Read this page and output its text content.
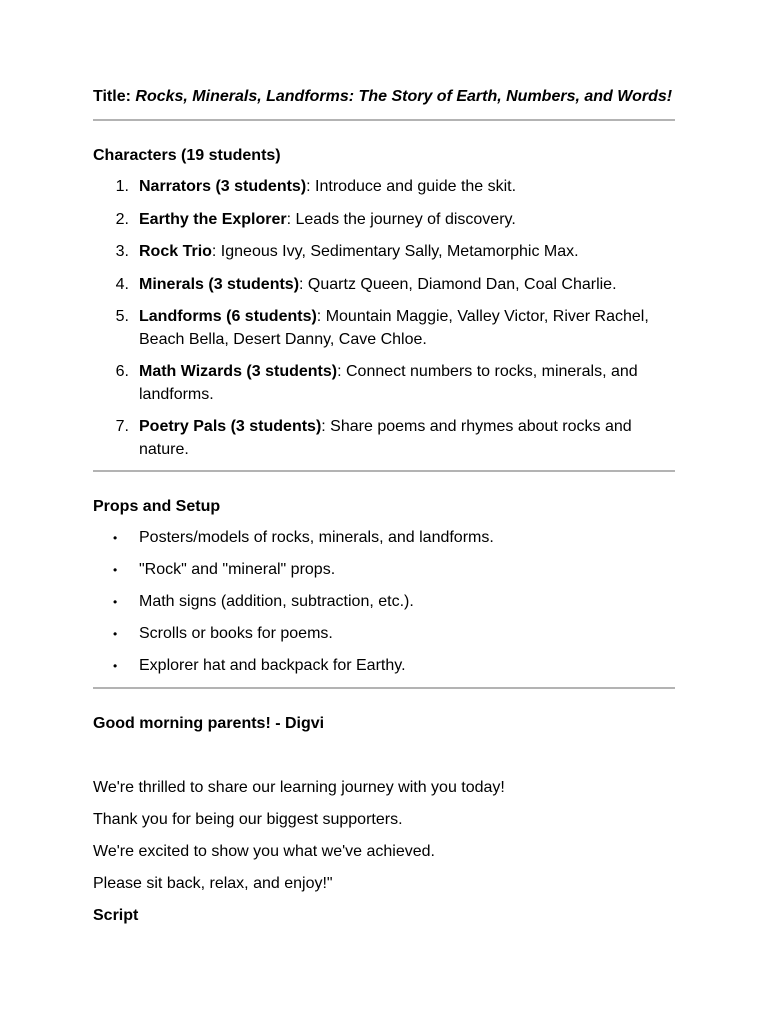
Title: Rocks, Minerals, Landforms: The Story of Earth, Numbers, and Words!

Characters (19 students)

1. Narrators (3 students): Introduce and guide the skit.
2. Earthy the Explorer: Leads the journey of discovery.
3. Rock Trio: Igneous Ivy, Sedimentary Sally, Metamorphic Max.
4. Minerals (3 students): Quartz Queen, Diamond Dan, Coal Charlie.
5. Landforms (6 students): Mountain Maggie, Valley Victor, River Rachel, Beach Bella, Desert Danny, Cave Chloe.
6. Math Wizards (3 students): Connect numbers to rocks, minerals, and landforms.
7. Poetry Pals (3 students): Share poems and rhymes about rocks and nature.

Props and Setup

• Posters/models of rocks, minerals, and landforms.
• "Rock" and "mineral" props.
• Math signs (addition, subtraction, etc.).
• Scrolls or books for poems.
• Explorer hat and backpack for Earthy.

Good morning parents! - Digvi

We're thrilled to share our learning journey with you today!

Thank you for being our biggest supporters.

We're excited to show you what we've achieved.

Please sit back, relax, and enjoy!"

Script
